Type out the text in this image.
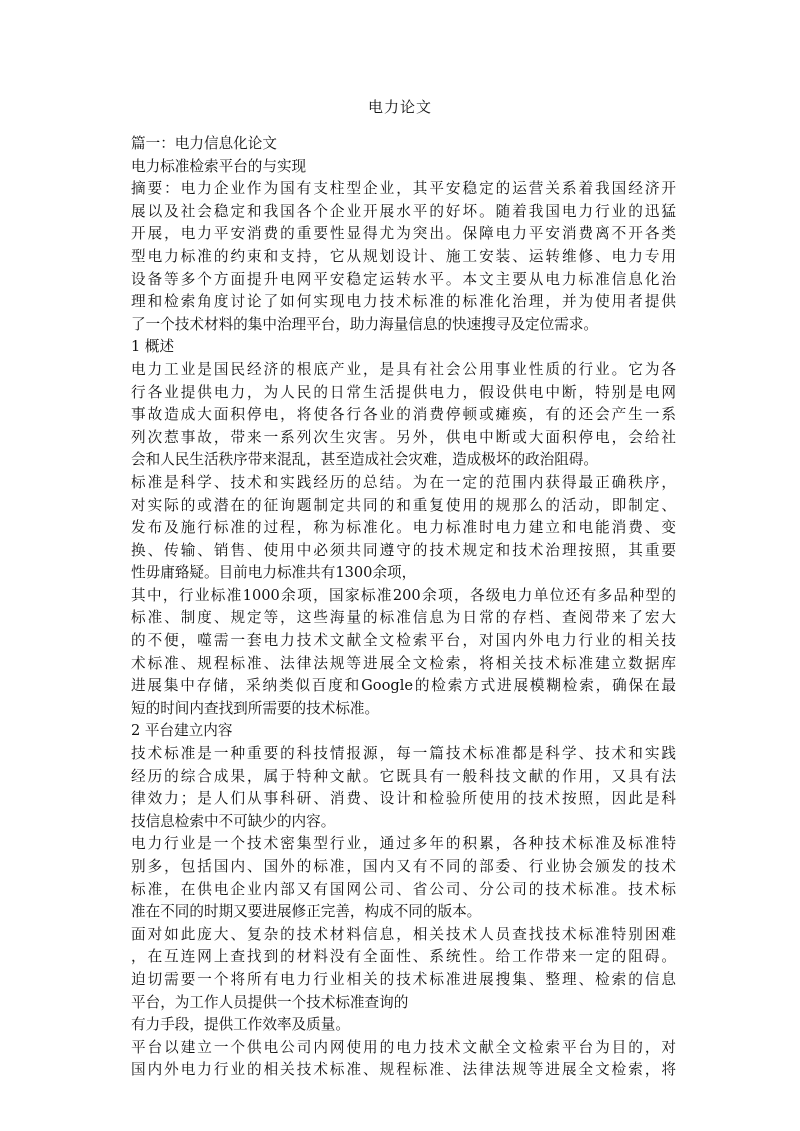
电力论文
篇一：电力信息化论文
电力标准检索平台的与实现
摘要：电力企业作为国有支柱型企业，其平安稳定的运营关系着我国经济开
展以及社会稳定和我国各个企业开展水平的好坏。随着我国电力行业的迅猛
开展，电力平安消费的重要性显得尤为突出。保障电力平安消费离不开各类
型电力标准的约束和支持，它从规划设计、施工安装、运转维修、电力专用
设备等多个方面提升电网平安稳定运转水平。本文主要从电力标准信息化治
理和检索角度讨论了如何实现电力技术标准的标准化治理，并为使用者提供
了一个技术材料的集中治理平台，助力海量信息的快速搜寻及定位需求。
1 概述
电力工业是国民经济的根底产业，是具有社会公用事业性质的行业。它为各
行各业提供电力，为人民的日常生活提供电力，假设供电中断，特别是电网
事故造成大面积停电，将使各行各业的消费停顿或瘫痪，有的还会产生一系
列次惹事故，带来一系列次生灾害。另外，供电中断或大面积停电，会给社
会和人民生活秩序带来混乱，甚至造成社会灾难，造成极坏的政治阻碍。
标准是科学、技术和实践经历的总结。为在一定的范围内获得最正确秩序，
对实际的或潜在的征询题制定共同的和重复使用的规那么的活动，即制定、
发布及施行标准的过程，称为标准化。电力标准时电力建立和电能消费、变
换、传输、销售、使用中必须共同遵守的技术规定和技术治理按照，其重要
性毋庸臵疑。目前电力标准共有1300余项，
其中，行业标准1000余项，国家标准200余项，各级电力单位还有多品种型的
标准、制度、规定等，这些海量的标准信息为日常的存档、查阅带来了宏大
的不便，噬需一套电力技术文献全文检索平台，对国内外电力行业的相关技
术标准、规程标准、法律法规等进展全文检索，将相关技术标准建立数据库
进展集中存储，采纳类似百度和Google的检索方式进展模糊检索，确保在最
短的时间内查找到所需要的技术标准。
2 平台建立内容
技术标准是一种重要的科技情报源，每一篇技术标准都是科学、技术和实践
经历的综合成果，属于特种文献。它既具有一般科技文献的作用，又具有法
律效力；是人们从事科研、消费、设计和检验所使用的技术按照，因此是科
技信息检索中不可缺少的内容。
电力行业是一个技术密集型行业，通过多年的积累，各种技术标准及标准特
别多，包括国内、国外的标准，国内又有不同的部委、行业协会颁发的技术
标准，在供电企业内部又有国网公司、省公司、分公司的技术标准。技术标
准在不同的时期又要进展修正完善，构成不同的版本。
面对如此庞大、复杂的技术材料信息，相关技术人员查找技术标准特别困难
，在互连网上查找到的材料没有全面性、系统性。给工作带来一定的阻碍。
迫切需要一个将所有电力行业相关的技术标准进展搜集、整理、检索的信息
平台，为工作人员提供一个技术标准查询的
有力手段，提供工作效率及质量。
平台以建立一个供电公司内网使用的电力技术文献全文检索平台为目的，对
国内外电力行业的相关技术标准、规程标准、法律法规等进展全文检索，将
